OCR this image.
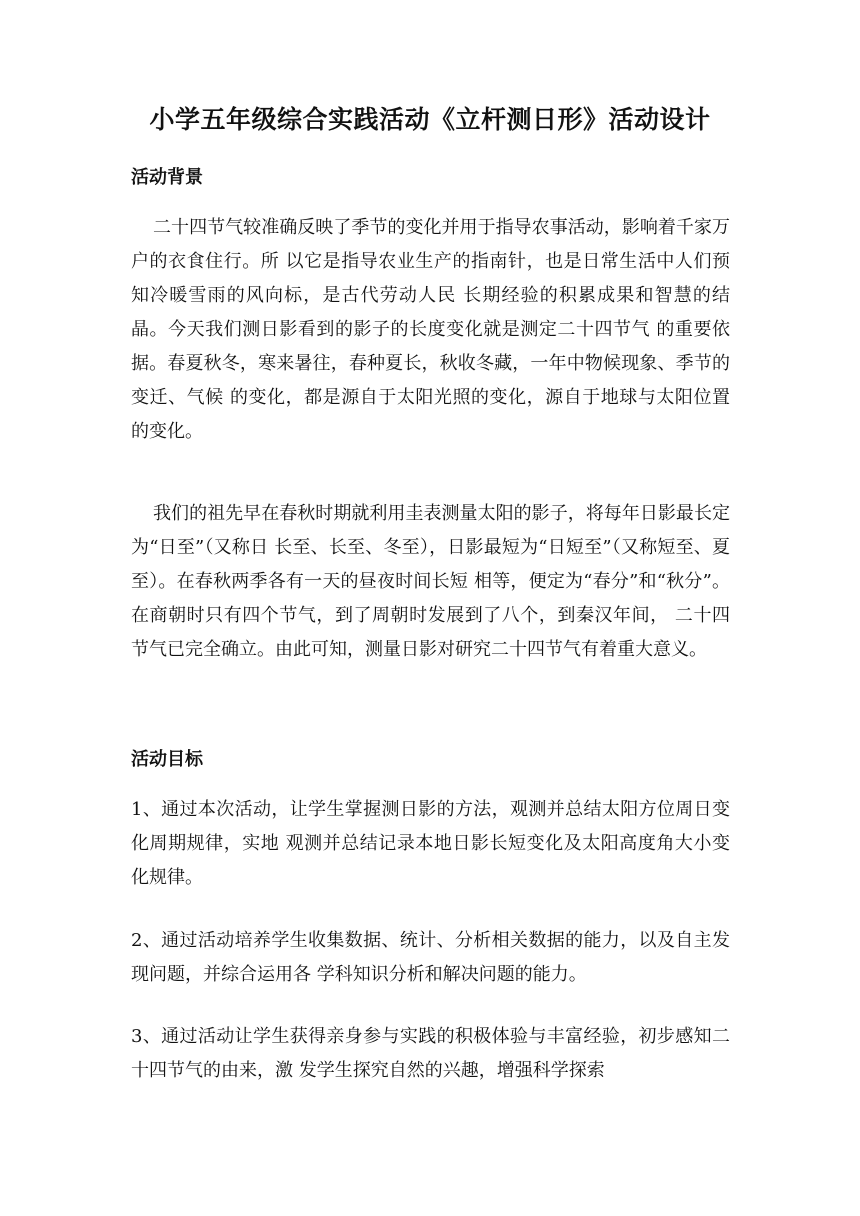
小学五年级综合实践活动《立杆测日形》活动设计
活动背景
二十四节气较准确反映了季节的变化并用于指导农事活动，影响着千家万户的衣食住行。所 以它是指导农业生产的指南针，也是日常生活中人们预知冷暖雪雨的风向标，是古代劳动人民 长期经验的积累成果和智慧的结晶。今天我们测日影看到的影子的长度变化就是测定二十四节气 的重要依据。春夏秋冬，寒来暑往，春种夏长，秋收冬藏，一年中物候现象、季节的变迁、气候 的变化，都是源自于太阳光照的变化，源自于地球与太阳位置的变化。
我们的祖先早在春秋时期就利用圭表测量太阳的影子，将每年日影最长定为“日至”（又称日 长至、长至、冬至），日影最短为“日短至”（又称短至、夏至）。在春秋两季各有一天的昼夜时间长短 相等，便定为“春分”和“秋分”。在商朝时只有四个节气，到了周朝时发展到了八个，到秦汉年间， 二十四节气已完全确立。由此可知，测量日影对研究二十四节气有着重大意义。
活动目标
1、通过本次活动，让学生掌握测日影的方法，观测并总结太阳方位周日变化周期规律，实地 观测并总结记录本地日影长短变化及太阳高度角大小变化规律。
2、通过活动培养学生收集数据、统计、分析相关数据的能力，以及自主发现问题，并综合运用各 学科知识分析和解决问题的能力。
3、通过活动让学生获得亲身参与实践的积极体验与丰富经验，初步感知二十四节气的由来，激 发学生探究自然的兴趣，增强科学探索
